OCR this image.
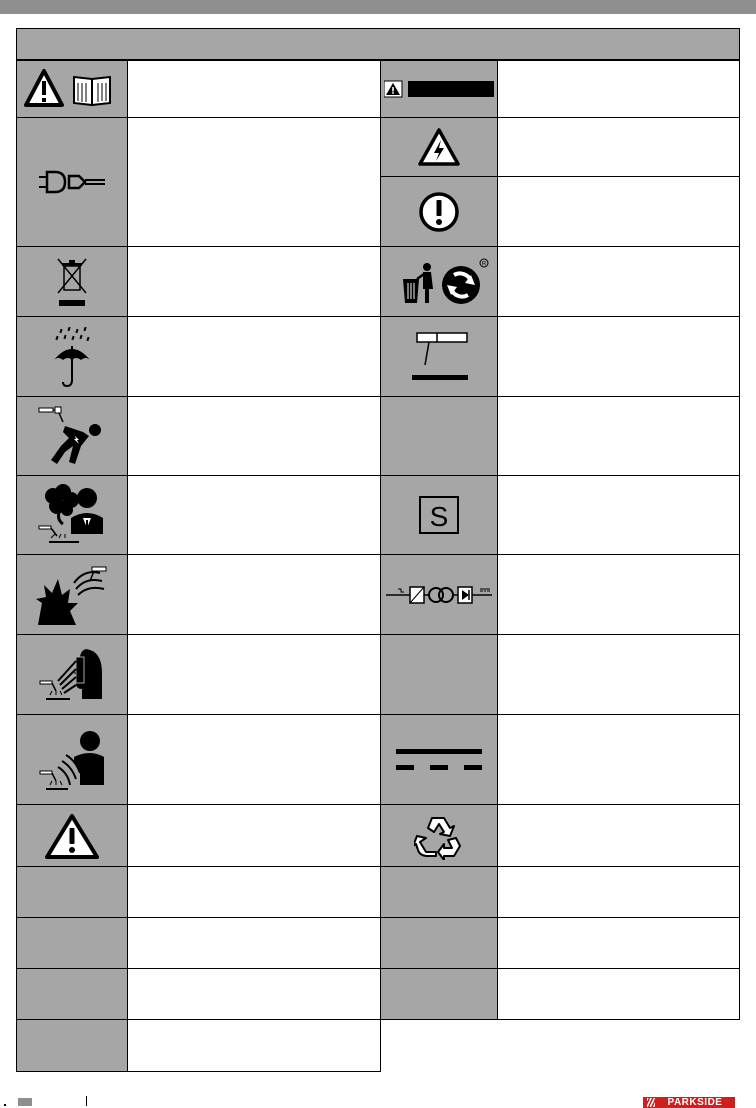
R
S
PARKSIDE
